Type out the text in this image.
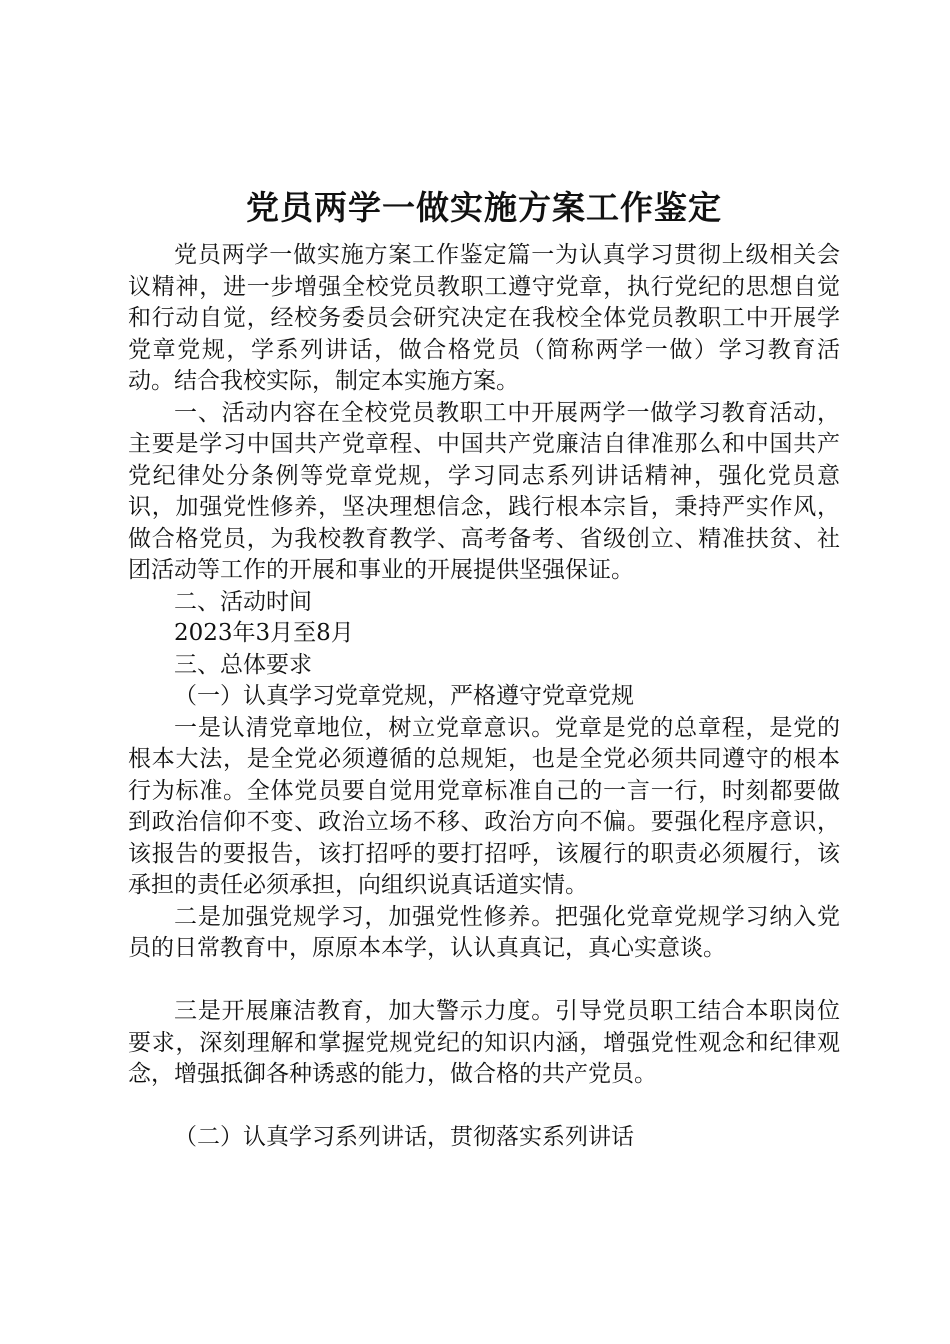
党员两学一做实施方案工作鉴定

党员两学一做实施方案工作鉴定篇一为认真学习贯彻上级相关会议精神，进一步增强全校党员教职工遵守党章，执行党纪的思想自觉和行动自觉，经校务委员会研究决定在我校全体党员教职工中开展学党章党规，学系列讲话，做合格党员（简称两学一做）学习教育活动。结合我校实际，制定本实施方案。

一、活动内容在全校党员教职工中开展两学一做学习教育活动，主要是学习中国共产党章程、中国共产党廉洁自律准那么和中国共产党纪律处分条例等党章党规，学习同志系列讲话精神，强化党员意识，加强党性修养，坚决理想信念，践行根本宗旨，秉持严实作风，做合格党员，为我校教育教学、高考备考、省级创立、精准扶贫、社团活动等工作的开展和事业的开展提供坚强保证。

二、活动时间

2023年3月至8月

三、总体要求

（一）认真学习党章党规，严格遵守党章党规

一是认清党章地位，树立党章意识。党章是党的总章程，是党的根本大法，是全党必须遵循的总规矩，也是全党必须共同遵守的根本行为标准。全体党员要自觉用党章标准自己的一言一行，时刻都要做到政治信仰不变、政治立场不移、政治方向不偏。要强化程序意识，该报告的要报告，该打招呼的要打招呼，该履行的职责必须履行，该承担的责任必须承担，向组织说真话道实情。

二是加强党规学习，加强党性修养。把强化党章党规学习纳入党员的日常教育中，原原本本学，认认真真记，真心实意谈。

三是开展廉洁教育，加大警示力度。引导党员职工结合本职岗位要求，深刻理解和掌握党规党纪的知识内涵，增强党性观念和纪律观念，增强抵御各种诱惑的能力，做合格的共产党员。

（二）认真学习系列讲话，贯彻落实系列讲话
